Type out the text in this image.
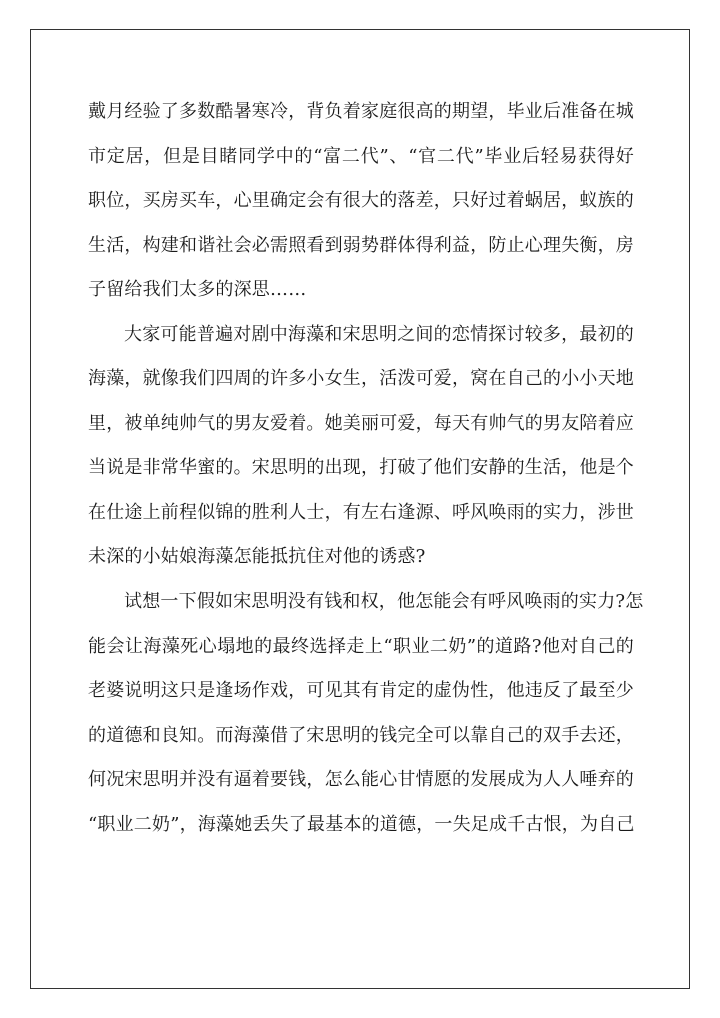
戴月经验了多数酷暑寒冷，背负着家庭很高的期望，毕业后准备在城
市定居，但是目睹同学中的“富二代”、“官二代”毕业后轻易获得好
职位，买房买车，心里确定会有很大的落差，只好过着蜗居，蚁族的
生活，构建和谐社会必需照看到弱势群体得利益，防止心理失衡，房
子留给我们太多的深思……
大家可能普遍对剧中海藻和宋思明之间的恋情探讨较多，最初的
海藻，就像我们四周的许多小女生，活泼可爱，窝在自己的小小天地
里，被单纯帅气的男友爱着。她美丽可爱，每天有帅气的男友陪着应
当说是非常华蜜的。宋思明的出现，打破了他们安静的生活，他是个
在仕途上前程似锦的胜利人士，有左右逢源、呼风唤雨的实力，涉世
未深的小姑娘海藻怎能抵抗住对他的诱惑?
试想一下假如宋思明没有钱和权，他怎能会有呼风唤雨的实力?怎
能会让海藻死心塌地的最终选择走上“职业二奶”的道路?他对自己的
老婆说明这只是逢场作戏，可见其有肯定的虚伪性，他违反了最至少
的道德和良知。而海藻借了宋思明的钱完全可以靠自己的双手去还，
何况宋思明并没有逼着要钱，怎么能心甘情愿的发展成为人人唾弃的
“职业二奶”，海藻她丢失了最基本的道德，一失足成千古恨，为自己
